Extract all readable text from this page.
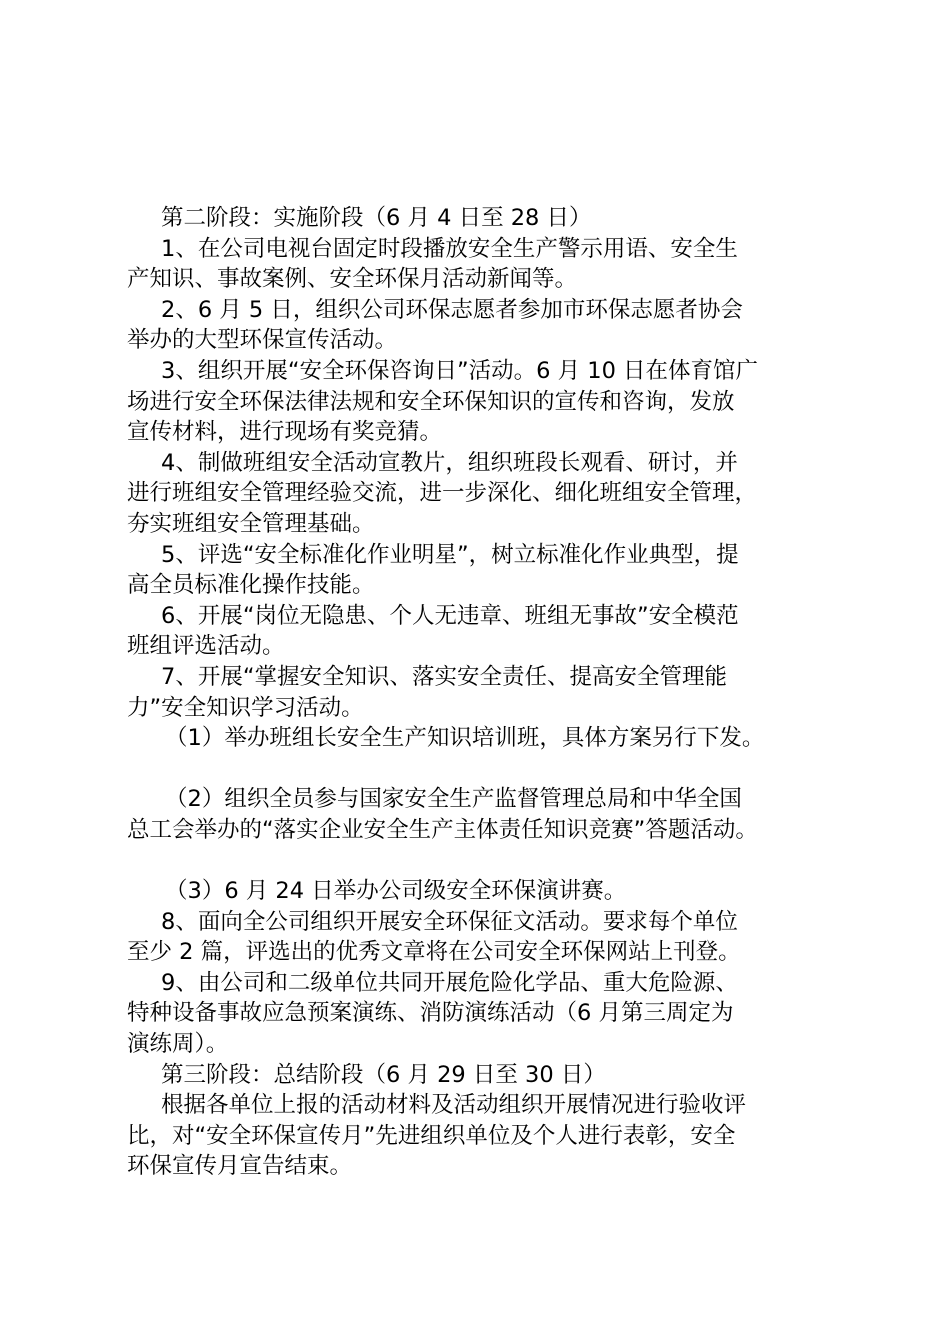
第二阶段：实施阶段（6 月 4 日至 28 日）
1、在公司电视台固定时段播放安全生产警示用语、安全生
产知识、事故案例、安全环保月活动新闻等。
2、6 月 5 日，组织公司环保志愿者参加市环保志愿者协会
举办的大型环保宣传活动。
3、组织开展“安全环保咨询日”活动。6 月 10 日在体育馆广
场进行安全环保法律法规和安全环保知识的宣传和咨询，发放
宣传材料，进行现场有奖竞猜。
4、制做班组安全活动宣教片，组织班段长观看、研讨，并
进行班组安全管理经验交流，进一步深化、细化班组安全管理，
夯实班组安全管理基础。
5、评选“安全标准化作业明星”，树立标准化作业典型，提
高全员标准化操作技能。
6、开展“岗位无隐患、个人无违章、班组无事故”安全模范
班组评选活动。
7、开展“掌握安全知识、落实安全责任、提高安全管理能
力”安全知识学习活动。
（1）举办班组长安全生产知识培训班，具体方案另行下发。
（2）组织全员参与国家安全生产监督管理总局和中华全国
总工会举办的“落实企业安全生产主体责任知识竞赛”答题活动。
（3）6 月 24 日举办公司级安全环保演讲赛。
8、面向全公司组织开展安全环保征文活动。要求每个单位
至少 2 篇，评选出的优秀文章将在公司安全环保网站上刊登。
9、由公司和二级单位共同开展危险化学品、重大危险源、
特种设备事故应急预案演练、消防演练活动（6 月第三周定为
演练周）。
第三阶段：总结阶段（6 月 29 日至 30 日）
根据各单位上报的活动材料及活动组织开展情况进行验收评
比，对“安全环保宣传月”先进组织单位及个人进行表彰，安全
环保宣传月宣告结束。
